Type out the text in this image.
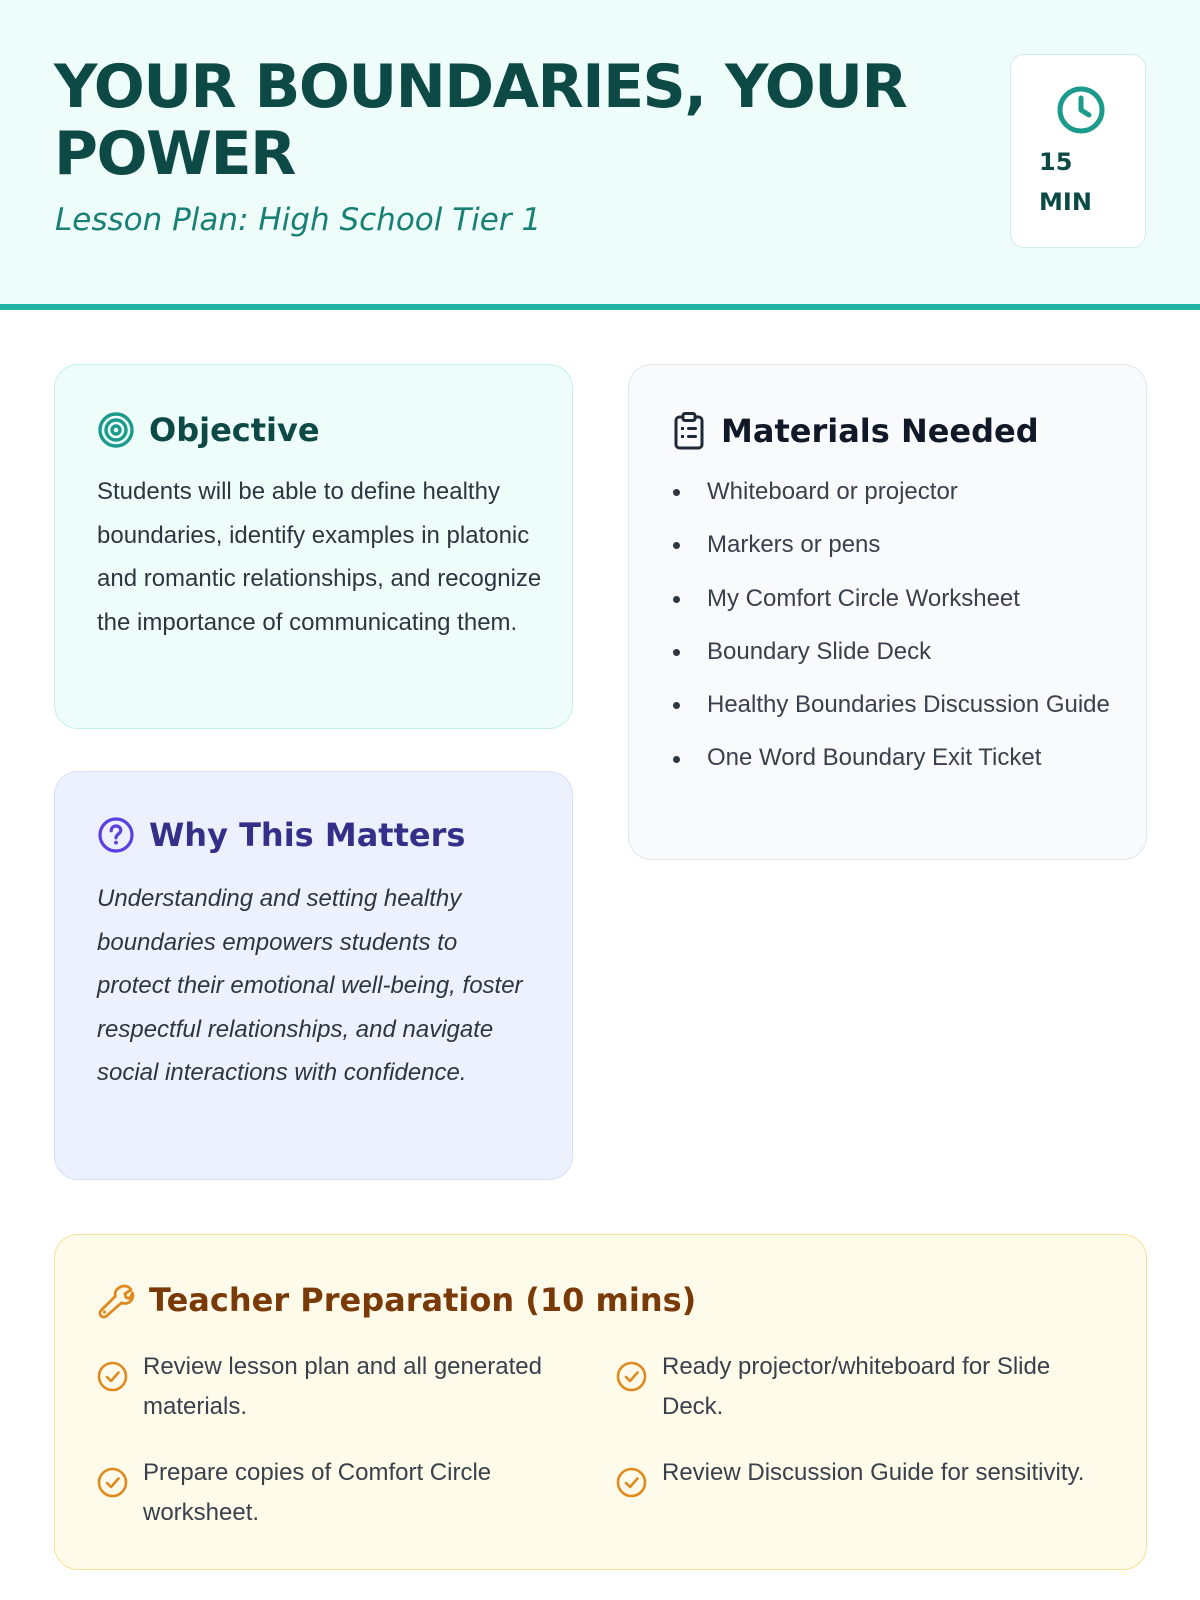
YOUR BOUNDARIES, YOUR POWER
Lesson Plan: High School Tier 1
15
MIN
Objective

Students will be able to define healthy boundaries, identify examples in platonic and romantic relationships, and recognize the importance of communicating them.

Why This Matters

Understanding and setting healthy boundaries empowers students to protect their emotional well-being, foster respectful relationships, and navigate social interactions with confidence.

Materials Needed
Whiteboard or projector
Markers or pens
My Comfort Circle Worksheet
Boundary Slide Deck
Healthy Boundaries Discussion Guide
One Word Boundary Exit Ticket
Teacher Preparation (10 mins)
Review lesson plan and all generated materials.
Ready projector/whiteboard for Slide Deck.
Prepare copies of Comfort Circle worksheet.
Review Discussion Guide for sensitivity.
